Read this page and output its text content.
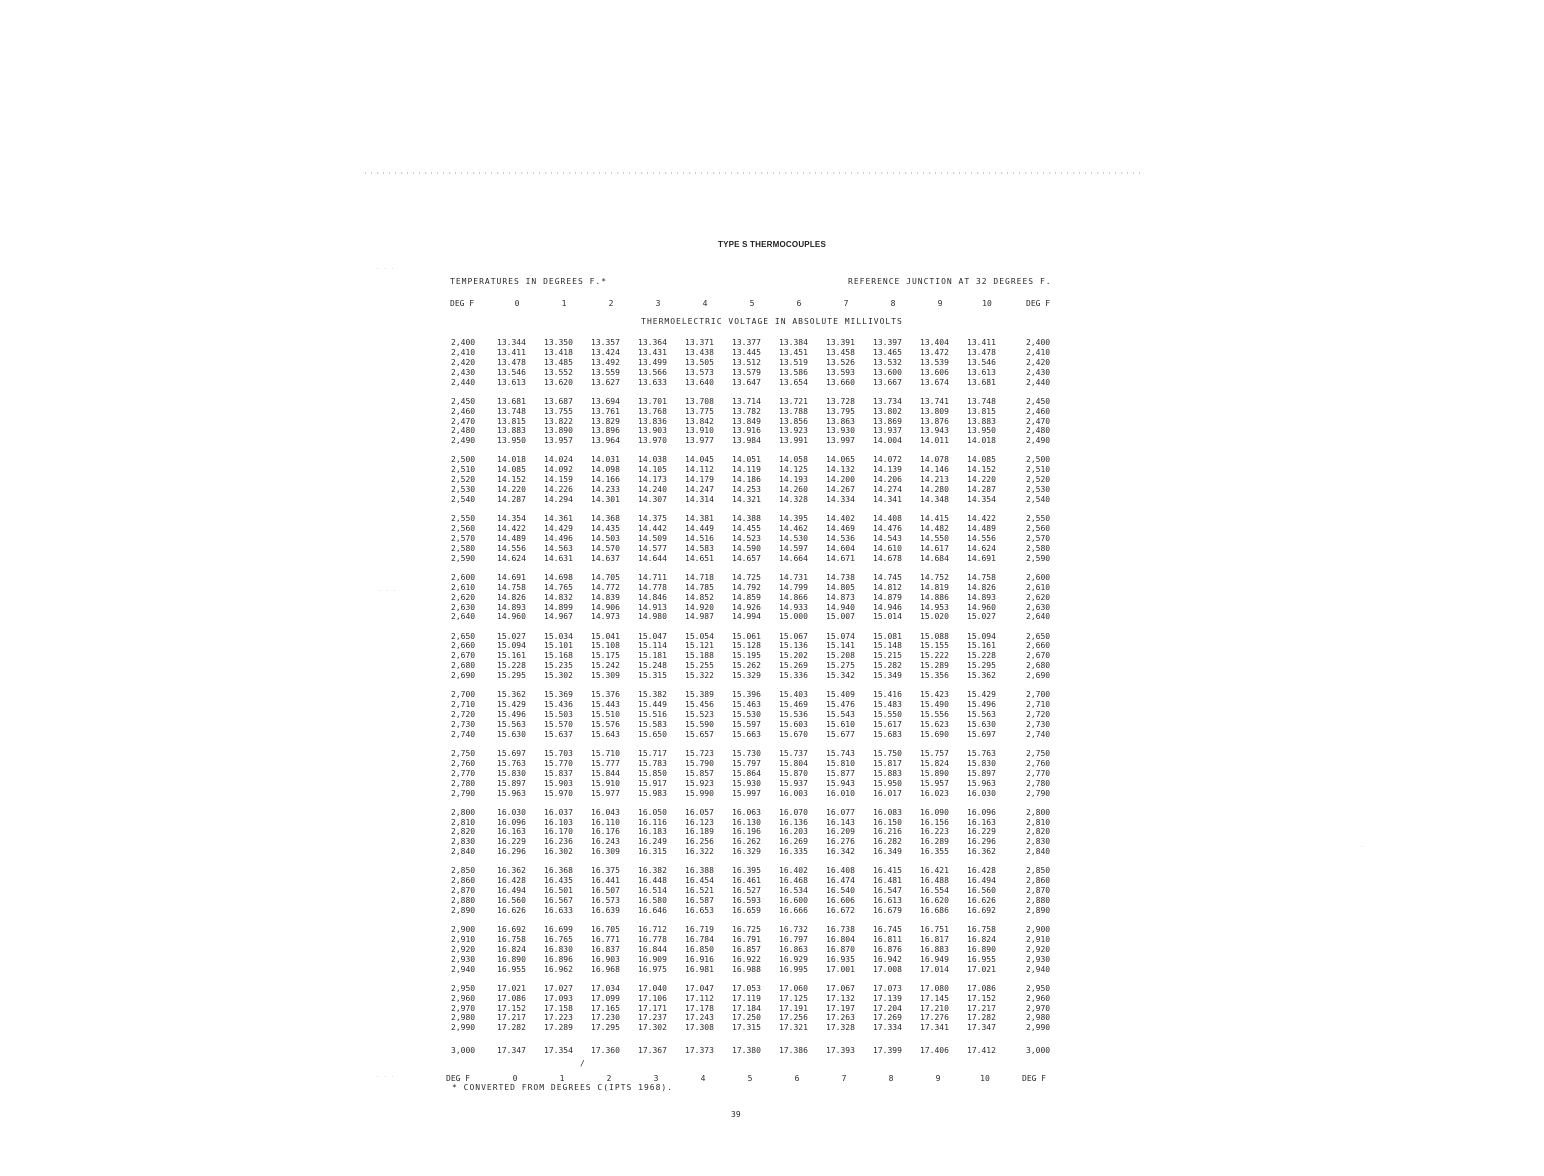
TYPE S THERMOCOUPLES
TEMPERATURES IN DEGREES F.*	REFERENCE JUNCTION AT 32 DEGREES F.
DEG F	0	1	2	3	4	5	6	7	8	9	10	DEG F
THERMOELECTRIC VOLTAGE IN ABSOLUTE MILLIVOLTS
2,400	13.344 13.350 13.357 13.364 13.371 13.377 13.384 13.391 13.397 13.404 13.411	2,400
2,410	13.411 13.418 13.424 13.431 13.438 13.445 13.451 13.458 13.465 13.472 13.478	2,410
2,420	13.478 13.485 13.492 13.499 13.505 13.512 13.519 13.526 13.532 13.539 13.546	2,420
2,430	13.546 13.552 13.559 13.566 13.573 13.579 13.586 13.593 13.600 13.606 13.613	2,430
2,440	13.613 13.620 13.627 13.633 13.640 13.647 13.654 13.660 13.667 13.674 13.681	2,440
2,450	13.681 13.687 13.694 13.701 13.708 13.714 13.721 13.728 13.734 13.741 13.748	2,450
2,460	13.748 13.755 13.761 13.768 13.775 13.782 13.788 13.795 13.802 13.809 13.815	2,460
2,470	13.815 13.822 13.829 13.836 13.842 13.849 13.856 13.863 13.869 13.876 13.883	2,470
2,480	13.883 13.890 13.896 13.903 13.910 13.916 13.923 13.930 13.937 13.943 13.950	2,480
2,490	13.950 13.957 13.964 13.970 13.977 13.984 13.991 13.997 14.004 14.011 14.018	2,490
2,500	14.018 14.024 14.031 14.038 14.045 14.051 14.058 14.065 14.072 14.078 14.085	2,500
2,510	14.085 14.092 14.098 14.105 14.112 14.119 14.125 14.132 14.139 14.146 14.152	2,510
2,520	14.152 14.159 14.166 14.173 14.179 14.186 14.193 14.200 14.206 14.213 14.220	2,520
2,530	14.220 14.226 14.233 14.240 14.247 14.253 14.260 14.267 14.274 14.280 14.287	2,530
2,540	14.287 14.294 14.301 14.307 14.314 14.321 14.328 14.334 14.341 14.348 14.354	2,540
2,550	14.354 14.361 14.368 14.375 14.381 14.388 14.395 14.402 14.408 14.415 14.422	2,550
2,560	14.422 14.429 14.435 14.442 14.449 14.455 14.462 14.469 14.476 14.482 14.489	2,560
2,570	14.489 14.496 14.503 14.509 14.516 14.523 14.530 14.536 14.543 14.550 14.556	2,570
2,580	14.556 14.563 14.570 14.577 14.583 14.590 14.597 14.604 14.610 14.617 14.624	2,580
2,590	14.624 14.631 14.637 14.644 14.651 14.657 14.664 14.671 14.678 14.684 14.691	2,590
2,600	14.691 14.698 14.705 14.711 14.718 14.725 14.731 14.738 14.745 14.752 14.758	2,600
2,610	14.758 14.765 14.772 14.778 14.785 14.792 14.799 14.805 14.812 14.819 14.826	2,610
2,620	14.826 14.832 14.839 14.846 14.852 14.859 14.866 14.873 14.879 14.886 14.893	2,620
2,630	14.893 14.899 14.906 14.913 14.920 14.926 14.933 14.940 14.946 14.953 14.960	2,630
2,640	14.960 14.967 14.973 14.980 14.987 14.994 15.000 15.007 15.014 15.020 15.027	2,640
2,650	15.027 15.034 15.041 15.047 15.054 15.061 15.067 15.074 15.081 15.088 15.094	2,650
2,660	15.094 15.101 15.108 15.114 15.121 15.128 15.136 15.141 15.148 15.155 15.161	2,660
2,670	15.161 15.168 15.175 15.181 15.188 15.195 15.202 15.208 15.215 15.222 15.228	2,670
2,680	15.228 15.235 15.242 15.248 15.255 15.262 15.269 15.275 15.282 15.289 15.295	2,680
2,690	15.295 15.302 15.309 15.315 15.322 15.329 15.336 15.342 15.349 15.356 15.362	2,690
2,700	15.362 15.369 15.376 15.382 15.389 15.396 15.403 15.409 15.416 15.423 15.429	2,700
2,710	15.429 15.436 15.443 15.449 15.456 15.463 15.469 15.476 15.483 15.490 15.496	2,710
2,720	15.496 15.503 15.510 15.516 15.523 15.530 15.536 15.543 15.550 15.556 15.563	2,720
2,730	15.563 15.570 15.576 15.583 15.590 15.597 15.603 15.610 15.617 15.623 15.630	2,730
2,740	15.630 15.637 15.643 15.650 15.657 15.663 15.670 15.677 15.683 15.690 15.697	2,740
2,750	15.697 15.703 15.710 15.717 15.723 15.730 15.737 15.743 15.750 15.757 15.763	2,750
2,760	15.763 15.770 15.777 15.783 15.790 15.797 15.804 15.810 15.817 15.824 15.830	2,760
2,770	15.830 15.837 15.844 15.850 15.857 15.864 15.870 15.877 15.883 15.890 15.897	2,770
2,780	15.897 15.903 15.910 15.917 15.923 15.930 15.937 15.943 15.950 15.957 15.963	2,780
2,790	15.963 15.970 15.977 15.983 15.990 15.997 16.003 16.010 16.017 16.023 16.030	2,790
2,800	16.030 16.037 16.043 16.050 16.057 16.063 16.070 16.077 16.083 16.090 16.096	2,800
2,810	16.096 16.103 16.110 16.116 16.123 16.130 16.136 16.143 16.150 16.156 16.163	2,810
2,820	16.163 16.170 16.176 16.183 16.189 16.196 16.203 16.209 16.216 16.223 16.229	2,820
2,830	16.229 16.236 16.243 16.249 16.256 16.262 16.269 16.276 16.282 16.289 16.296	2,830
2,840	16.296 16.302 16.309 16.315 16.322 16.329 16.335 16.342 16.349 16.355 16.362	2,840
2,850	16.362 16.368 16.375 16.382 16.388 16.395 16.402 16.408 16.415 16.421 16.428	2,850
2,860	16.428 16.435 16.441 16.448 16.454 16.461 16.468 16.474 16.481 16.488 16.494	2,860
2,870	16.494 16.501 16.507 16.514 16.521 16.527 16.534 16.540 16.547 16.554 16.560	2,870
2,880	16.560 16.567 16.573 16.580 16.587 16.593 16.600 16.606 16.613 16.620 16.626	2,880
2,890	16.626 16.633 16.639 16.646 16.653 16.659 16.666 16.672 16.679 16.686 16.692	2,890
2,900	16.692 16.699 16.705 16.712 16.719 16.725 16.732 16.738 16.745 16.751 16.758	2,900
2,910	16.758 16.765 16.771 16.778 16.784 16.791 16.797 16.804 16.811 16.817 16.824	2,910
2,920	16.824 16.830 16.837 16.844 16.850 16.857 16.863 16.870 16.876 16.883 16.890	2,920
2,930	16.890 16.896 16.903 16.909 16.916 16.922 16.929 16.935 16.942 16.949 16.955	2,930
2,940	16.955 16.962 16.968 16.975 16.981 16.988 16.995 17.001 17.008 17.014 17.021	2,940
2,950	17.021 17.027 17.034 17.040 17.047 17.053 17.060 17.067 17.073 17.080 17.086	2,950
2,960	17.086 17.093 17.099 17.106 17.112 17.119 17.125 17.132 17.139 17.145 17.152	2,960
2,970	17.152 17.158 17.165 17.171 17.178 17.184 17.191 17.197 17.204 17.210 17.217	2,970
2,980	17.217 17.223 17.230 17.237 17.243 17.250 17.256 17.263 17.269 17.276 17.282	2,980
2,990	17.282 17.289 17.295 17.302 17.308 17.315 17.321 17.328 17.334 17.341 17.347	2,990
3,000	17.347 17.354 17.360 17.367 17.373 17.380 17.386 17.393 17.399 17.406 17.412	3,000
/
DEG F	0	1	2	3	4	5	6	7	8	9	10	DEG F
* CONVERTED FROM DEGREES C(IPTS 1968).
39
. . .
. . .
. . .
.
